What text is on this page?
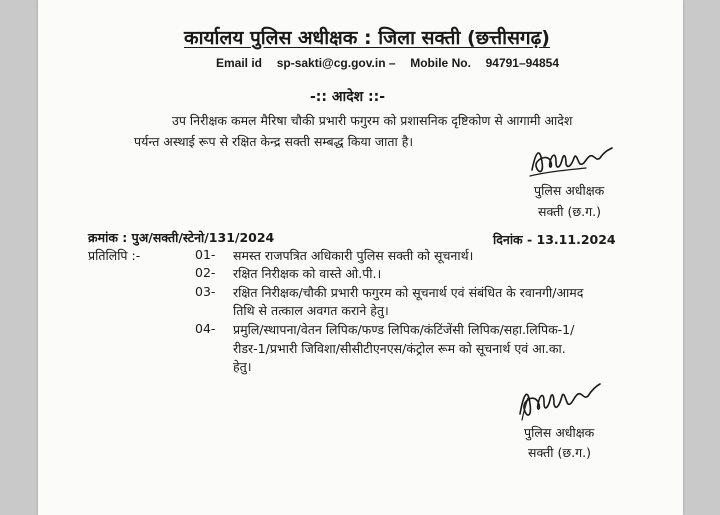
कार्यालय पुलिस अधीक्षक : जिला सक्ती (छत्तीसगढ़)
Email id sp-sakti@cg.gov.in – Mobile No. 94791–94854
-:: आदेश ::-
उप निरीक्षक कमल मैरिषा चौकी प्रभारी फगुरम को प्रशासनिक दृष्टिकोण से आगामी आदेश
पर्यन्त अस्थाई रूप से रक्षित केन्द्र सक्ती सम्बद्ध किया जाता है।
पुलिस अधीक्षक
सक्ती (छ.ग.)
क्रमांक : पुअ/सक्ती/स्टेनो/131/2024	दिनांक - 13.11.2024
प्रतिलिपि :-	01- समस्त राजपत्रित अधिकारी पुलिस सक्ती को सूचनार्थ।
02- रक्षित निरीक्षक को वास्ते ओ.पी.।
03- रक्षित निरीक्षक/चौकी प्रभारी फगुरम को सूचनार्थ एवं संबंधित के रवानगी/आमद
तिथि से तत्काल अवगत कराने हेतु।
04- प्रमुलि/स्थापना/वेतन लिपिक/फण्ड लिपिक/कंटिंजेंसी लिपिक/सहा.लिपिक-1/
रीडर-1/प्रभारी जिविशा/सीसीटीएनएस/कंट्रोल रूम को सूचनार्थ एवं आ.का.
हेतु।
पुलिस अधीक्षक
सक्ती (छ.ग.)
